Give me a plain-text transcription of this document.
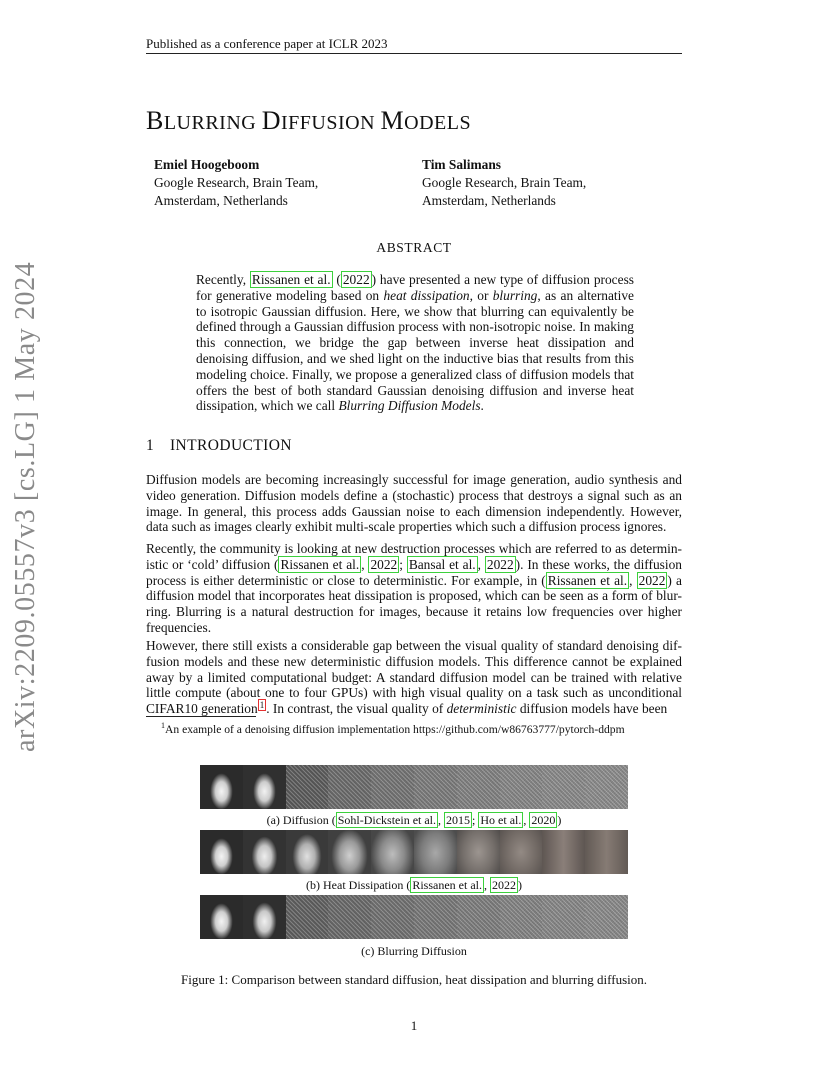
arXiv:2209.05557v3 [cs.LG] 1 May 2024
Published as a conference paper at ICLR 2023
BLURRING DIFFUSION MODELS
Emiel Hoogeboom
Google Research, Brain Team,
Amsterdam, Netherlands
Tim Salimans
Google Research, Brain Team,
Amsterdam, Netherlands
ABSTRACT
Recently, Rissanen et al. ( 2022 ) have presented a new type of diffusion process for generative modeling based on heat dissipation, or blurring, as an alternative to isotropic Gaussian diffusion. Here, we show that blurring can equivalently be defined through a Gaussian diffusion process with non-isotropic noise. In making this connection, we bridge the gap between inverse heat dissipation and denoising diffusion, and we shed light on the inductive bias that results from this modeling choice. Finally, we propose a generalized class of diffusion models that offers the best of both standard Gaussian denoising diffusion and inverse heat dissipation, which we call Blurring Diffusion Models.
1 INTRODUCTION
Diffusion models are becoming increasingly successful for image generation, audio synthesis and video generation. Diffusion models define a (stochastic) process that destroys a signal such as an image. In general, this process adds Gaussian noise to each dimension independently. However, data such as images clearly exhibit multi-scale properties which such a diffusion process ignores.
Recently, the community is looking at new destruction processes which are referred to as determin-istic or ‘cold’ diffusion ( Rissanen et al. , 2022 ; Bansal et al. , 2022 ). In these works, the diffusion process is either deterministic or close to deterministic. For example, in ( Rissanen et al. , 2022 ) a diffusion model that incorporates heat dissipation is proposed, which can be seen as a form of blur-ring. Blurring is a natural destruction for images, because it retains low frequencies over higher frequencies.
However, there still exists a considerable gap between the visual quality of standard denoising dif-fusion models and these new deterministic diffusion models. This difference cannot be explained away by a limited computational budget: A standard diffusion model can be trained with relative little compute (about one to four GPUs) with high visual quality on a task such as unconditional CIFAR10 generation $^1$ . In contrast, the visual quality of deterministic diffusion models have been
$^1$An example of a denoising diffusion implementation https://github.com/w86763777/pytorch-ddpm
(a) Diffusion ( Sohl-Dickstein et al. , 2015 ; Ho et al. , 2020 )
(b) Heat Dissipation ( Rissanen et al. , 2022 )
(c) Blurring Diffusion
Figure 1: Comparison between standard diffusion, heat dissipation and blurring diffusion.
1
